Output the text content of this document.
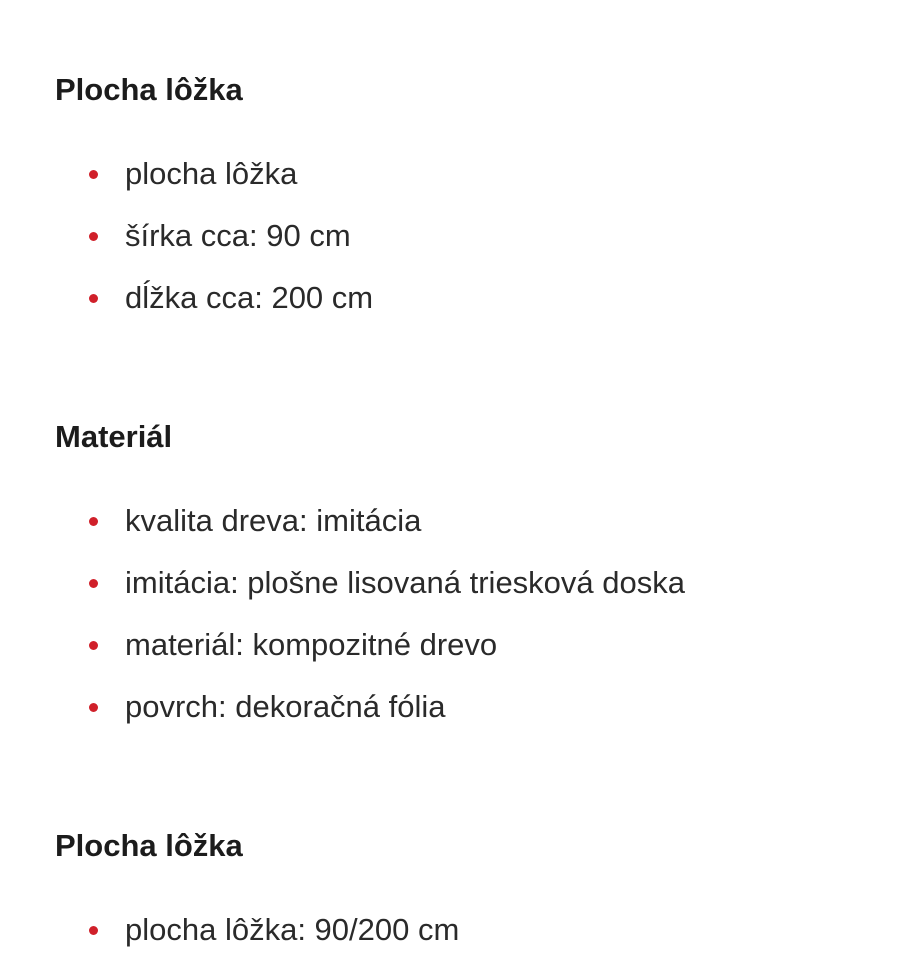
Plocha lôžka
plocha lôžka
šírka cca: 90 cm
dĺžka cca: 200 cm
Materiál
kvalita dreva: imitácia
imitácia: plošne lisovaná triesková doska
materiál: kompozitné drevo
povrch: dekoračná fólia
Plocha lôžka
plocha lôžka: 90/200 cm
